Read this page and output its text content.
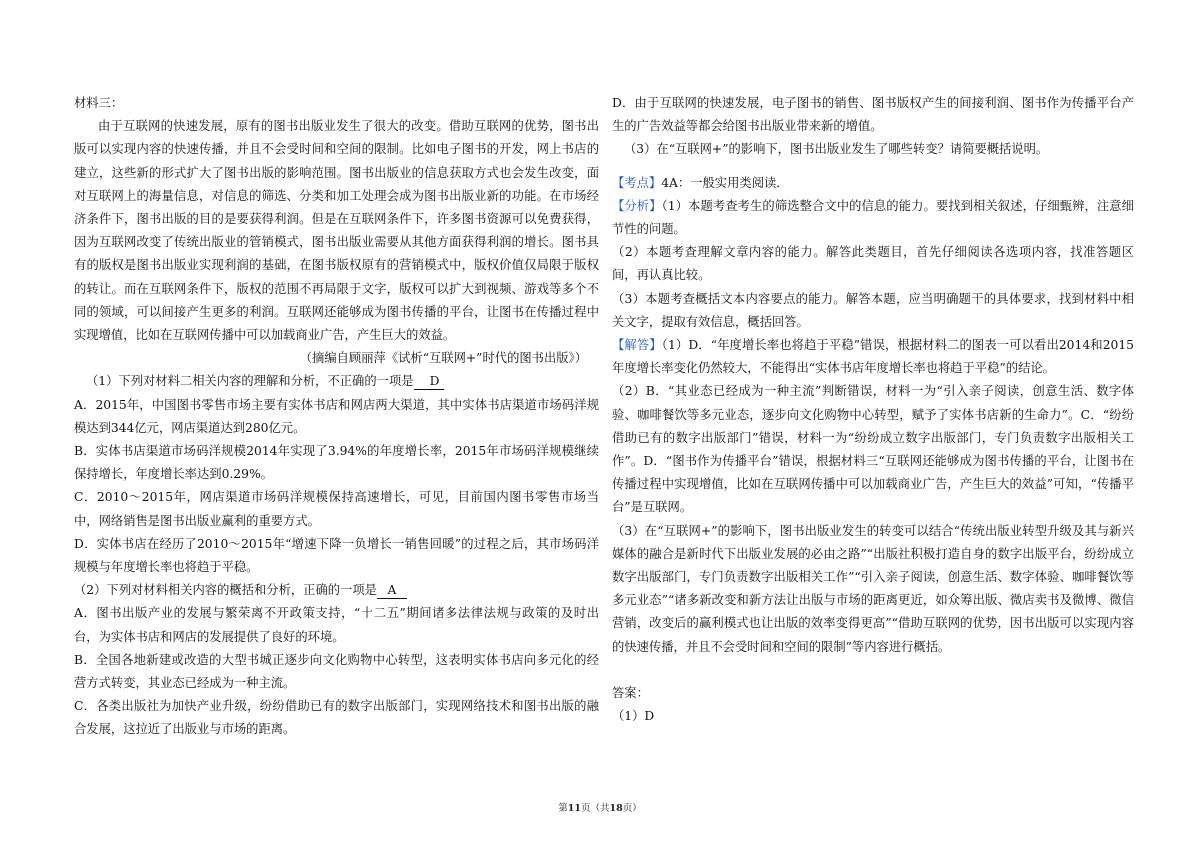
材料三：

由于互联网的快速发展，原有的图书出版业发生了很大的改变。借助互联网的优势，图书出版可以实现内容的快速传播，并且不会受时间和空间的限制。比如电子图书的开发，网上书店的建立，这些新的形式扩大了图书出版的影响范围。图书出版业的信息获取方式也会发生改变，面对互联网上的海量信息，对信息的筛选、分类和加工处理会成为图书出版业新的功能。在市场经济条件下，图书出版的目的是要获得利润。但是在互联网条件下，许多图书资源可以免费获得，因为互联网改变了传统出版业的管销模式，图书出版业需要从其他方面获得利润的增长。图书具有的版权是图书出版业实现利润的基础，在图书版权原有的营销模式中，版权价值仅局限于版权的转让。而在互联网条件下，版权的范围不再局限于文字，版权可以扩大到视频、游戏等多个不同的领域，可以间接产生更多的利润。互联网还能够成为图书传播的平台，让图书在传播过程中实现增值，比如在互联网传播中可以加载商业广告，产生巨大的效益。

（摘编自顾丽萍《试析“互联网+”时代的图书出版》）

（1）下列对材料二相关内容的理解和分析，不正确的一项是 D

A．2015年，中国图书零售市场主要有实体书店和网店两大渠道，其中实体书店渠道市场码洋规模达到344亿元，网店渠道达到280亿元。

B．实体书店渠道市场码洋规模2014年实现了3.94%的年度增长率，2015年市场码洋规模继续保持增长，年度增长率达到0.29%。

C．2010～2015年，网店渠道市场码洋规模保持高速增长，可见，目前国内图书零售市场当中，网络销售是图书出版业赢利的重要方式。

D．实体书店在经历了2010～2015年“增速下降一负增长一销售回暖”的过程之后，其市场码洋规模与年度增长率也将趋于平稳。

（2）下列对材料相关内容的概括和分析，正确的一项是 A

A．图书出版产业的发展与繁荣离不开政策支持，“十二五”期间诸多法律法规与政策的及时出台，为实体书店和网店的发展提供了良好的环境。

B．全国各地新建或改造的大型书城正逐步向文化购物中心转型，这表明实体书店向多元化的经营方式转变，其业态已经成为一种主流。

C．各类出版社为加快产业升级，纷纷借助已有的数字出版部门，实现网络技术和图书出版的融合发展，这拉近了出版业与市场的距离。

D．由于互联网的快速发展，电子图书的销售、图书版权产生的间接利润、图书作为传播平台产生的广告效益等都会给图书出版业带来新的增值。

（3）在“互联网+”的影响下，图书出版业发生了哪些转变？请简要概括说明。

【考点】4A：一般实用类阅读．

【分析】（1）本题考查考生的筛选整合文中的信息的能力。要找到相关叙述，仔细甄辨，注意细节性的问题。

（2）本题考查理解文章内容的能力。解答此类题目，首先仔细阅读各选项内容，找准答题区间，再认真比较。

（3）本题考查概括文本内容要点的能力。解答本题，应当明确题干的具体要求，找到材料中相关文字，提取有效信息，概括回答。

【解答】（1）D．“年度增长率也将趋于平稳”错误，根据材料二的图表一可以看出2014和2015年度增长率变化仍然较大，不能得出“实体书店年度增长率也将趋于平稳”的结论。

（2）B．“其业态已经成为一种主流”判断错误，材料一为“引入亲子阅读，创意生活、数字体验、咖啡餐饮等多元业态，逐步向文化购物中心转型，赋予了实体书店新的生命力”。C．“纷纷借助已有的数字出版部门”错误，材料一为“纷纷成立数字出版部门，专门负责数字出版相关工作”。D．“图书作为传播平台”错误，根据材料三“互联网还能够成为图书传播的平台，让图书在传播过程中实现增值，比如在互联网传播中可以加载商业广告，产生巨大的效益”可知，“传播平台”是互联网。

（3）在“互联网+”的影响下，图书出版业发生的转变可以结合“传统出版业转型升级及其与新兴媒体的融合是新时代下出版业发展的必由之路”“出版社积极打造自身的数字出版平台，纷纷成立数字出版部门，专门负责数字出版相关工作”“引入亲子阅读，创意生活、数字体验、咖啡餐饮等多元业态”“诸多新改变和新方法让出版与市场的距离更近，如众筹出版、微店卖书及微博、微信营销，改变后的赢利模式也让出版的效率变得更高”“借助互联网的优势，因书出版可以实现内容的快速传播，并且不会受时间和空间的限制”等内容进行概括。

答案：

（1）D

第11页（共18页）
